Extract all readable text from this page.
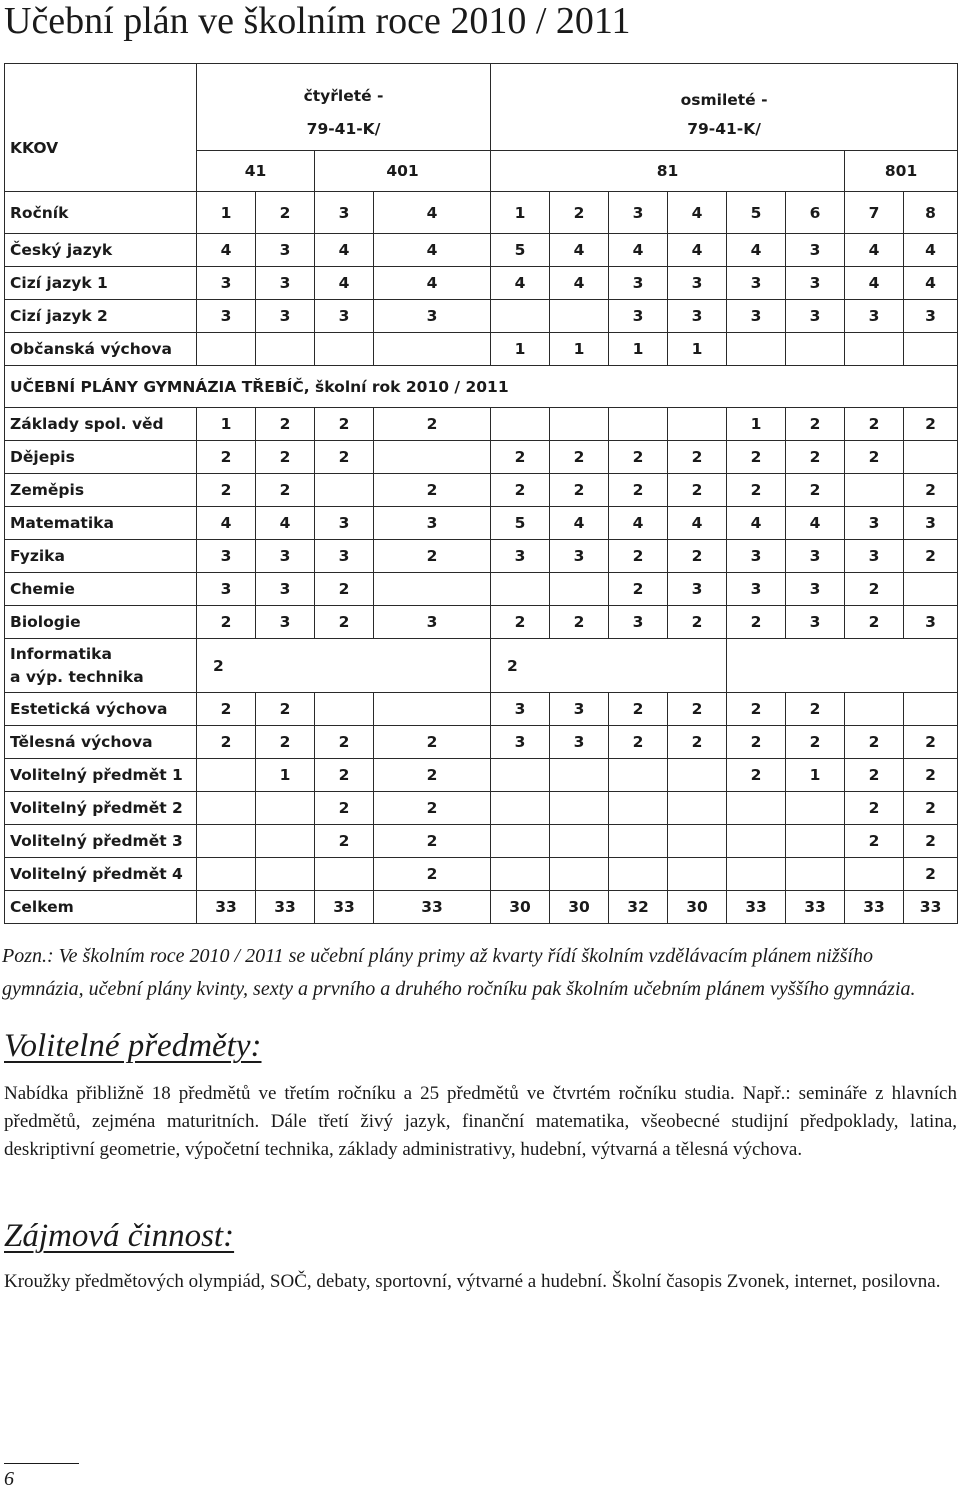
Učební plán ve školním roce 2010 / 2011
KKOV	čtyřleté -				osmileté -							
	79-41-K/				79-41-K/							
	41		401		81						801	
Ročník	1	2	3	4	1	2	3	4	5	6	7	8
Český jazyk	4	3	4	4	5	4	4	4	4	3	4	4
Cizí jazyk 1	3	3	4	4	4	4	3	3	3	3	4	4
Cizí jazyk 2	3	3	3	3			3	3	3	3	3	3
Občanská výchova					1	1	1	1				
UČEBNÍ PLÁNY GYMNÁZIA TŘEBÍČ, školní rok 2010 / 2011												
Základy spol. věd	1	2	2	2					1	2	2	2
Dějepis	2	2	2		2	2	2	2	2	2	2	
Zeměpis	2	2		2	2	2	2	2	2	2		2
Matematika	4	4	3	3	5	4	4	4	4	4	3	3
Fyzika	3	3	3	2	3	3	2	2	3	3	3	2
Chemie	3	3	2				2	3	3	3	2	
Biologie	2	3	2	3	2	2	3	2	2	3	2	3

Informatika
a výp. technika	2				2							
Estetická výchova	2	2			3	3	2	2	2	2		
Tělesná výchova	2	2	2	2	3	3	2	2	2	2	2	2
Volitelný předmět 1		1	2	2					2	1	2	2
Volitelný předmět 2			2	2							2	2
Volitelný předmět 3			2	2							2	2
Volitelný předmět 4				2								2
Celkem	33	33	33	33	30	30	32	30	33	33	33	33

Pozn.: Ve školním roce 2010 / 2011 se učební plány primy až kvarty řídí školním vzdělávacím plánem nižšího gymnázia, učební plány kvinty, sexty a prvního a druhého ročníku pak školním učebním plánem vyššího gymnázia.

Volitelné předměty:

Nabídka přibližně 18 předmětů ve třetím ročníku a 25 předmětů ve čtvrtém ročníku studia. Např.: semináře z hlavních předmětů, zejména maturitních. Dále třetí živý jazyk, finanční matematika, všeobecné studijní předpoklady, latina, deskriptivní geometrie, výpočetní technika, základy administrativy, hudební, výtvarná a tělesná výchova.

Zájmová činnost:

Kroužky předmětových olympiád, SOČ, debaty, sportovní, výtvarné a hudební. Školní časopis Zvonek, internet, posilovna.

6
